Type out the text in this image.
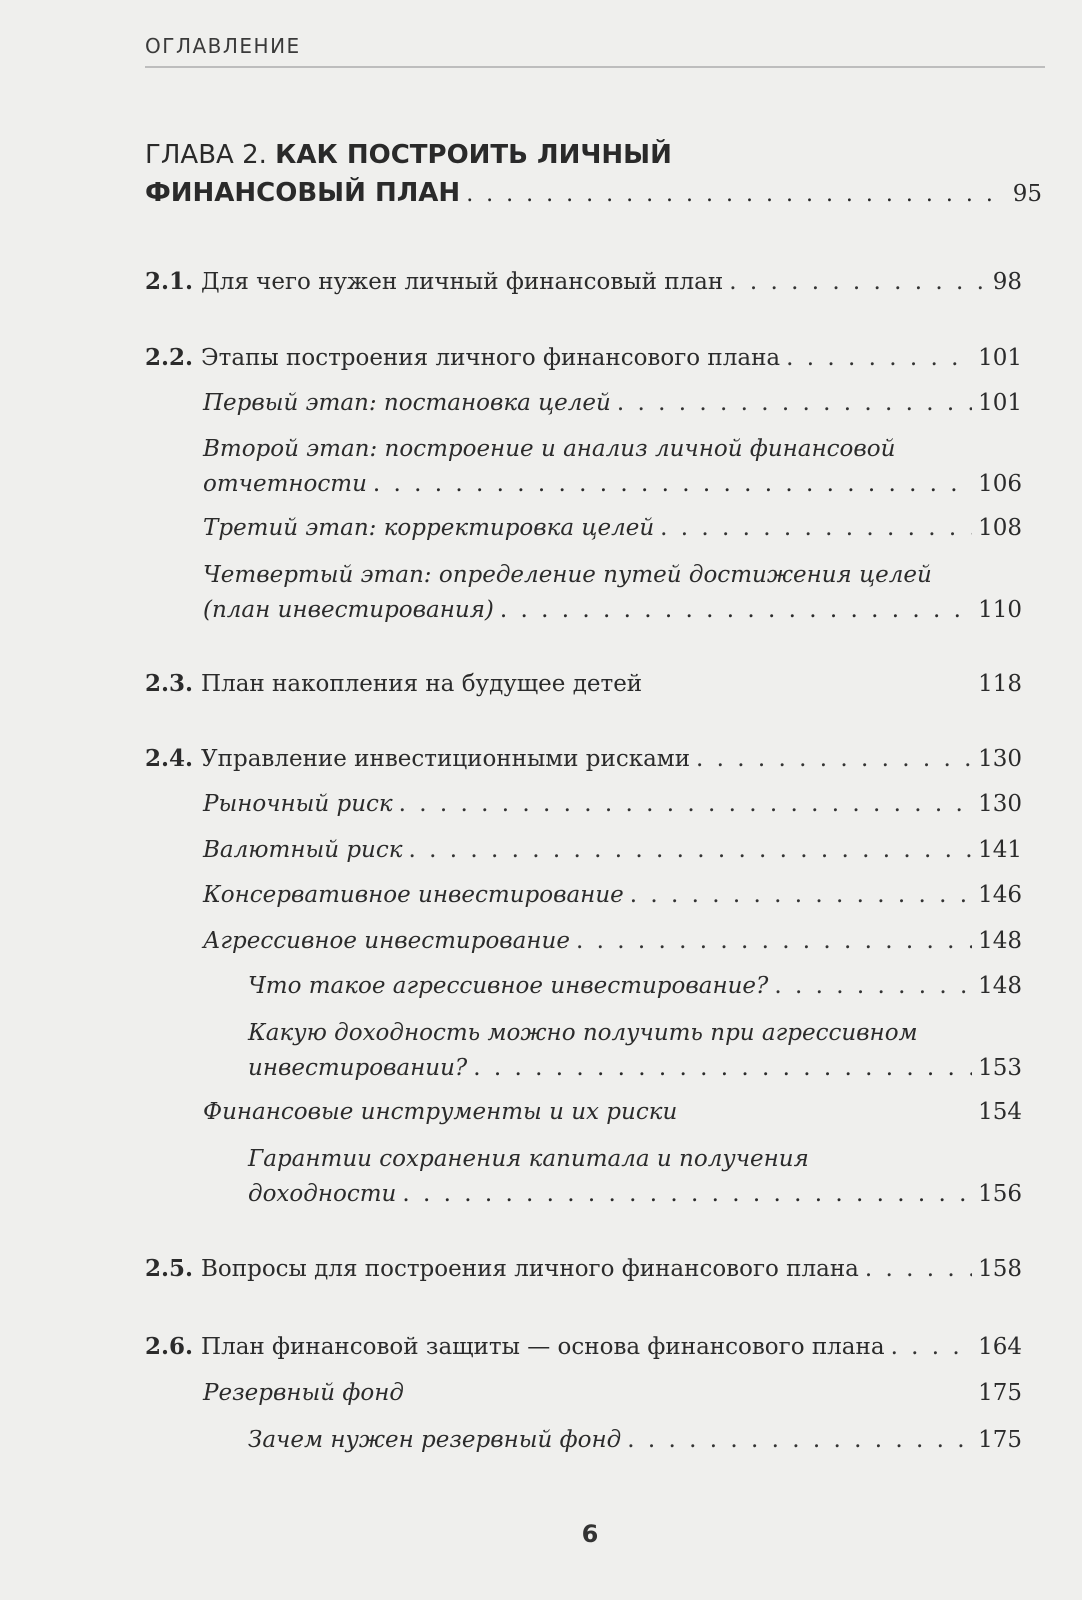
ОГЛАВЛЕНИЕ
ГЛАВА 2. КАК ПОСТРОИТЬ ЛИЧНЫЙ
ФИНАНСОВЫЙ ПЛАН . . .	95
2.1. Для чего нужен личный финансовый план . . .	98
2.2. Этапы построения личного финансового плана . . .	101
Первый этап: постановка целей . . .	101
Второй этап: построение и анализ личной финансовой
отчетности . . .	106
Третий этап: корректировка целей . . .	108
Четвертый этап: определение путей достижения целей
(план инвестирования) . . .	110
2.3. План накопления на будущее детей	118
2.4. Управление инвестиционными рисками . . .	130
Рыночный риск . . .	130
Валютный риск . . .	141
Консервативное инвестирование . . .	146
Агрессивное инвестирование . . .	148
Что такое агрессивное инвестирование? . . .	148
Какую доходность можно получить при агрессивном
инвестировании? . . .	153
Финансовые инструменты и их риски	154
Гарантии сохранения капитала и получения
доходности . . .	156
2.5. Вопросы для построения личного финансового плана . . .	158
2.6. План финансовой защиты — основа финансового плана . . .	164
Резервный фонд	175
Зачем нужен резервный фонд . . .	175
6
